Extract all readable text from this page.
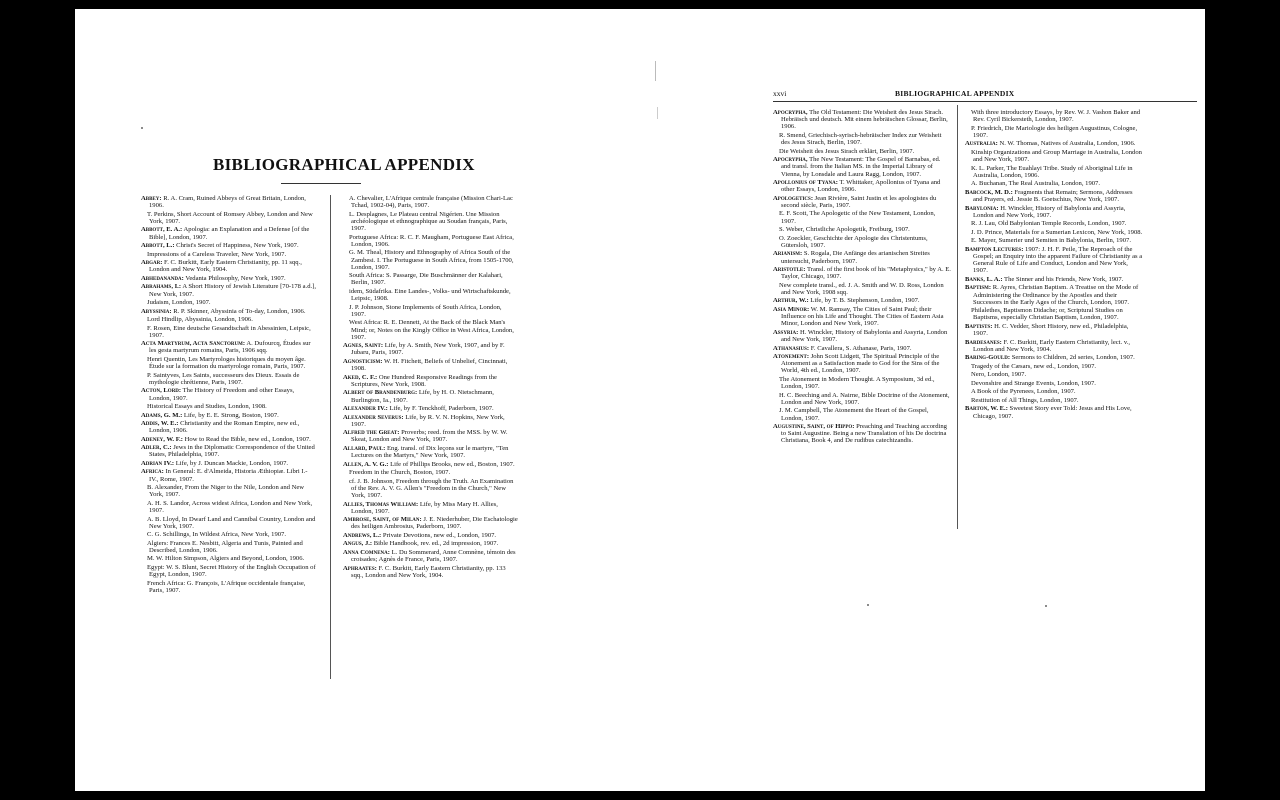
BIBLIOGRAPHICAL APPENDIX
Abbey: R. A. Cram, Ruined Abbeys of Great Britain, London, 1906.
T. Perkins, Short Account of Romsey Abbey, London and New York, 1907.
Abbott, E. A.: Apologia: an Explanation and a Defense [of the Bible], London, 1907.
Abbott, L.: Christ's Secret of Happiness, New York, 1907.
Impressions of a Careless Traveler, New York, 1907.
Abgar: F. C. Burkitt, Early Eastern Christianity, pp. 11 sqq., London and New York, 1904.
Abhedananda: Vedanta Philosophy, New York, 1907.
Abrahams, I.: A Short History of Jewish Literature [70-178 a.d.], New York, 1907.
Judaism, London, 1907.
Abyssinia: R. P. Skinner, Abyssinia of To-day, London, 1906.
Lord Hindlip, Abyssinia, London, 1906.
F. Rosen, Eine deutsche Gesandtschaft in Abessinien, Leipsic, 1907.
Acta Martyrum, Acta Sanctorum: A. Dufourcq, Études sur les gesta martyrum romains, Paris, 1906 sqq.
Henri Quentin, Les Martyrologes historiques du moyen âge. Étude sur la formation du martyrologe romain, Paris, 1907.
P. Saintyves, Les Saints, successeurs des Dieux. Essais de mythologie chrétienne, Paris, 1907.
Acton, Lord: The History of Freedom and other Essays, London, 1907.
Historical Essays and Studies, London, 1908.
Adams, G. M.: Life, by E. E. Strong, Boston, 1907.
Addis, W. E.: Christianity and the Roman Empire, new ed., London, 1906.
Adeney, W. F.: How to Read the Bible, new ed., London, 1907.
Adler, C.: Jews in the Diplomatic Correspondence of the United States, Philadelphia, 1907.
Adrian IV.: Life, by J. Duncan Mackie, London, 1907.
Africa: In General: E. d'Almeida, Historia Æthiopiæ. Libri I.-IV., Rome, 1907.
B. Alexander, From the Niger to the Nile, London and New York, 1907.
A. H. S. Landor, Across widest Africa, London and New York, 1907.
A. B. Lloyd, In Dwarf Land and Cannibal Country, London and New York, 1907.
C. G. Schillings, In Wildest Africa, New York, 1907.
Algiers: Frances E. Nesbitt, Algeria and Tunis, Painted and Described, London, 1906.
M. W. Hilton Simpson, Algiers and Beyond, London, 1906.
Egypt: W. S. Blunt, Secret History of the English Occupation of Egypt, London, 1907.
French Africa: G. François, L'Afrique occidentale française, Paris, 1907.
A. Chevalier, L'Afrique centrale française (Mission Chari-Lac Tchad, 1902-04), Paris, 1907.
L. Desplagnes, Le Plateau central Nigérien. Une Mission archéologique et ethnographique au Soudan français, Paris, 1907.
Portuguese Africa: R. C. F. Maugham, Portuguese East Africa, London, 1906.
G. M. Theal, History and Ethnography of Africa South of the Zambesi. I. The Portuguese in South Africa, from 1505-1700, London, 1907.
South Africa: S. Passarge, Die Buschmänner der Kalahari, Berlin, 1907.
idem, Südafrika. Eine Landes-, Volks- und Wirtschaftskunde, Leipsic, 1908.
J. P. Johnson, Stone Implements of South Africa, London, 1907.
West Africa: R. E. Dennett, At the Back of the Black Man's Mind; or, Notes on the Kingly Office in West Africa, London, 1907.
Agnes, Saint: Life, by A. Smith, New York, 1907, and by F. Jubaru, Paris, 1907.
Agnosticism: W. H. Fitchett, Beliefs of Unbelief, Cincinnati, 1908.
Aked, C. F.: One Hundred Responsive Readings from the Scriptures, New York, 1908.
Albert of Brandenburg: Life, by H. O. Nietschmann, Burlington, Ia., 1907.
Alexander IV.: Life, by F. Tenckhoff, Paderborn, 1907.
Alexander Severus: Life, by R. V. N. Hopkins, New York, 1907.
Alfred the Great: Proverbs; reed. from the MSS. by W. W. Skeat, London and New York, 1907.
Allard, Paul: Eng. transl. of Dix leçons sur le martyre, "Ten Lectures on the Martyrs," New York, 1907.
Allen, A. V. G.: Life of Phillips Brooks, new ed., Boston, 1907.
Freedom in the Church, Boston, 1907.
cf. J. B. Johnson, Freedom through the Truth. An Examination of the Rev. A. V. G. Allen's "Freedom in the Church," New York, 1907.
Allies, Thomas William: Life, by Miss Mary H. Allies, London, 1907.
Ambrose, Saint, of Milan: J. E. Niederhuber, Die Eschatologie des heiligen Ambrosius, Paderborn, 1907.
Andrews, L.: Private Devotions, new ed., London, 1907.
Angus, J.: Bible Handbook, rev. ed., 2d impression, 1907.
Anna Comnena: L. Du Sommerard, Anne Comnène, témoin des croisades; Agnès de France, Paris, 1907.
Aphraates: F. C. Burkitt, Early Eastern Christianity, pp. 133 sqq., London and New York, 1904.
xxvi	BIBLIOGRAPHICAL APPENDIX
Apocrypha, The Old Testament: Die Weisheit des Jesus Sirach. Hebräisch und deutsch. Mit einem hebräischen Glossar, Berlin, 1906.
R. Smend, Griechisch-syrisch-hebräischer Index zur Weisheit des Jesus Sirach, Berlin, 1907.
Die Weisheit des Jesus Sirach erklärt, Berlin, 1907.
Apocrypha, The New Testament: The Gospel of Barnabas, ed. and transl. from the Italian MS. in the Imperial Library of Vienna, by Lonsdale and Laura Ragg, London, 1907.
Apollonius of Tyana: T. Whittaker, Apollonius of Tyana and other Essays, London, 1906.
Apologetics: Jean Rivière, Saint Justin et les apologistes du second siècle, Paris, 1907.
E. F. Scott, The Apologetic of the New Testament, London, 1907.
S. Weber, Christliche Apologetik, Freiburg, 1907.
O. Zoeckler, Geschichte der Apologie des Christentums, Gütersloh, 1907.
Arianism: S. Rogala, Die Anfänge des arianischen Streites untersucht, Paderborn, 1907.
Aristotle: Transl. of the first book of his "Metaphysics," by A. E. Taylor, Chicago, 1907.
New complete transl., ed. J. A. Smith and W. D. Ross, London and New York, 1908 sqq.
Arthur, W.: Life, by T. B. Stephenson, London, 1907.
Asia Minor: W. M. Ramsay, The Cities of Saint Paul; their Influence on his Life and Thought. The Cities of Eastern Asia Minor, London and New York, 1907.
Assyria: H. Winckler, History of Babylonia and Assyria, London and New York, 1907.
Athanasius: F. Cavallera, S. Athanase, Paris, 1907.
Atonement: John Scott Lidgett, The Spiritual Principle of the Atonement as a Satisfaction made to God for the Sins of the World, 4th ed., London, 1907.
The Atonement in Modern Thought. A Symposium, 3d ed., London, 1907.
H. C. Beeching and A. Nairne, Bible Doctrine of the Atonement, London and New York, 1907.
J. M. Campbell, The Atonement the Heart of the Gospel, London, 1907.
Augustine, Saint, of Hippo: Preaching and Teaching according to Saint Augustine. Being a new Translation of his De doctrina Christiana, Book 4, and De rudibus catechizandis.
With three introductory Essays, by Rev. W. J. Vashon Baker and Rev. Cyril Bickersteth, London, 1907.
P. Friedrich, Die Mariologie des heiligen Augustinus, Cologne, 1907.
Australia: N. W. Thomas, Natives of Australia, London, 1906.
Kinship Organizations and Group Marriage in Australia, London and New York, 1907.
K. L. Parker, The Euahlayi Tribe. Study of Aboriginal Life in Australia, London, 1906.
A. Buchanan, The Real Australia, London, 1907.
Babcock, M. D.: Fragments that Remain; Sermons, Addresses and Prayers, ed. Jessie B. Goetschius, New York, 1907.
Babylonia: H. Winckler, History of Babylonia and Assyria, London and New York, 1907.
R. J. Lau, Old Babylonian Temple Records, London, 1907.
J. D. Prince, Materials for a Sumerian Lexicon, New York, 1908.
E. Mayer, Sumerier und Semiten in Babylonia, Berlin, 1907.
Bampton Lectures: 1907: J. H. F. Peile, The Reproach of the Gospel; an Enquiry into the apparent Failure of Christianity as a General Rule of Life and Conduct, London and New York, 1907.
Banks, L. A.: The Sinner and his Friends, New York, 1907.
Baptism: R. Ayres, Christian Baptism. A Treatise on the Mode of Administering the Ordinance by the Apostles and their Successors in the Early Ages of the Church, London, 1907.
Philalethes, Baptismon Didache; or, Scriptural Studies on Baptisms, especially Christian Baptism, London, 1907.
Baptists: H. C. Vedder, Short History, new ed., Philadelphia, 1907.
Bardesanes: F. C. Burkitt, Early Eastern Christianity, lect. v., London and New York, 1904.
Baring-Gould: Sermons to Children, 2d series, London, 1907.
Tragedy of the Cæsars, new ed., London, 1907.
Nero, London, 1907.
Devonshire and Strange Events, London, 1907.
A Book of the Pyrenees, London, 1907.
Restitution of All Things, London, 1907.
Barton, W. E.: Sweetest Story ever Told: Jesus and His Love, Chicago, 1907.
